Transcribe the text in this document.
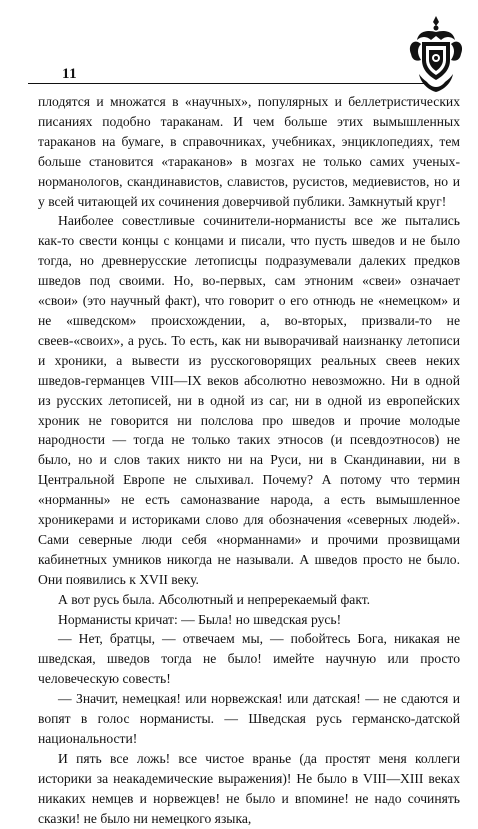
11

плодятся и множатся в «научных», популярных и беллетристических писаниях подобно тараканам. И чем больше этих вымышленных тараканов на бумаге, в справочниках, учебниках, энциклопедиях, тем больше становится «тараканов» в мозгах не только самих ученых-норманологов, скандинавистов, славистов, русистов, медиевистов, но и у всей читающей их сочинения доверчивой публики. Замкнутый круг!

Наиболее совестливые сочинители-норманисты все же пытались как-то свести концы с концами и писали, что пусть шведов и не было тогда, но древнерусские летописцы подразумевали далеких предков шведов под своими. Но, во-первых, сам этноним «свеи» означает «свои» (это научный факт), что говорит о его отнюдь не «немецком» и не «шведском» происхождении, а, во-вторых, призвали-то не свеев-«своих», а русь. То есть, как ни выворачивай наизнанку летописи и хроники, а вывести из русскоговорящих реальных свеев неких шведов-германцев VIII—IX веков абсолютно невозможно. Ни в одной из русских летописей, ни в одной из саг, ни в одной из европейских хроник не говорится ни полслова про шведов и прочие молодые народности — тогда не только таких этносов (и псевдоэтносов) не было, но и слов таких никто ни на Руси, ни в Скандинавии, ни в Центральной Европе не слыхивал. Почему? А потому что термин «норманны» не есть самоназвание народа, а есть вымышленное хроникерами и историками слово для обозначения «северных людей». Сами северные люди себя «норманнами» и прочими прозвищами кабинетных умников никогда не называли. А шведов просто не было. Они появились к XVII веку.

А вот русь была. Абсолютный и непререкаемый факт.

Норманисты кричат: — Была! но шведская русь!

— Нет, братцы, — отвечаем мы, — побойтесь Бога, никакая не шведская, шведов тогда не было! имейте научную или просто человеческую совесть!

— Значит, немецкая! или норвежская! или датская! — не сдаются и вопят в голос норманисты. — Шведская русь германско-датской национальности!

И пять все ложь! все чистое вранье (да простят меня коллеги историки за неакадемические выражения)! Не было в VIII—XIII веках никаких немцев и норвежцев! не было и впомине! не надо сочинять сказки! не было ни немецкого языка,
